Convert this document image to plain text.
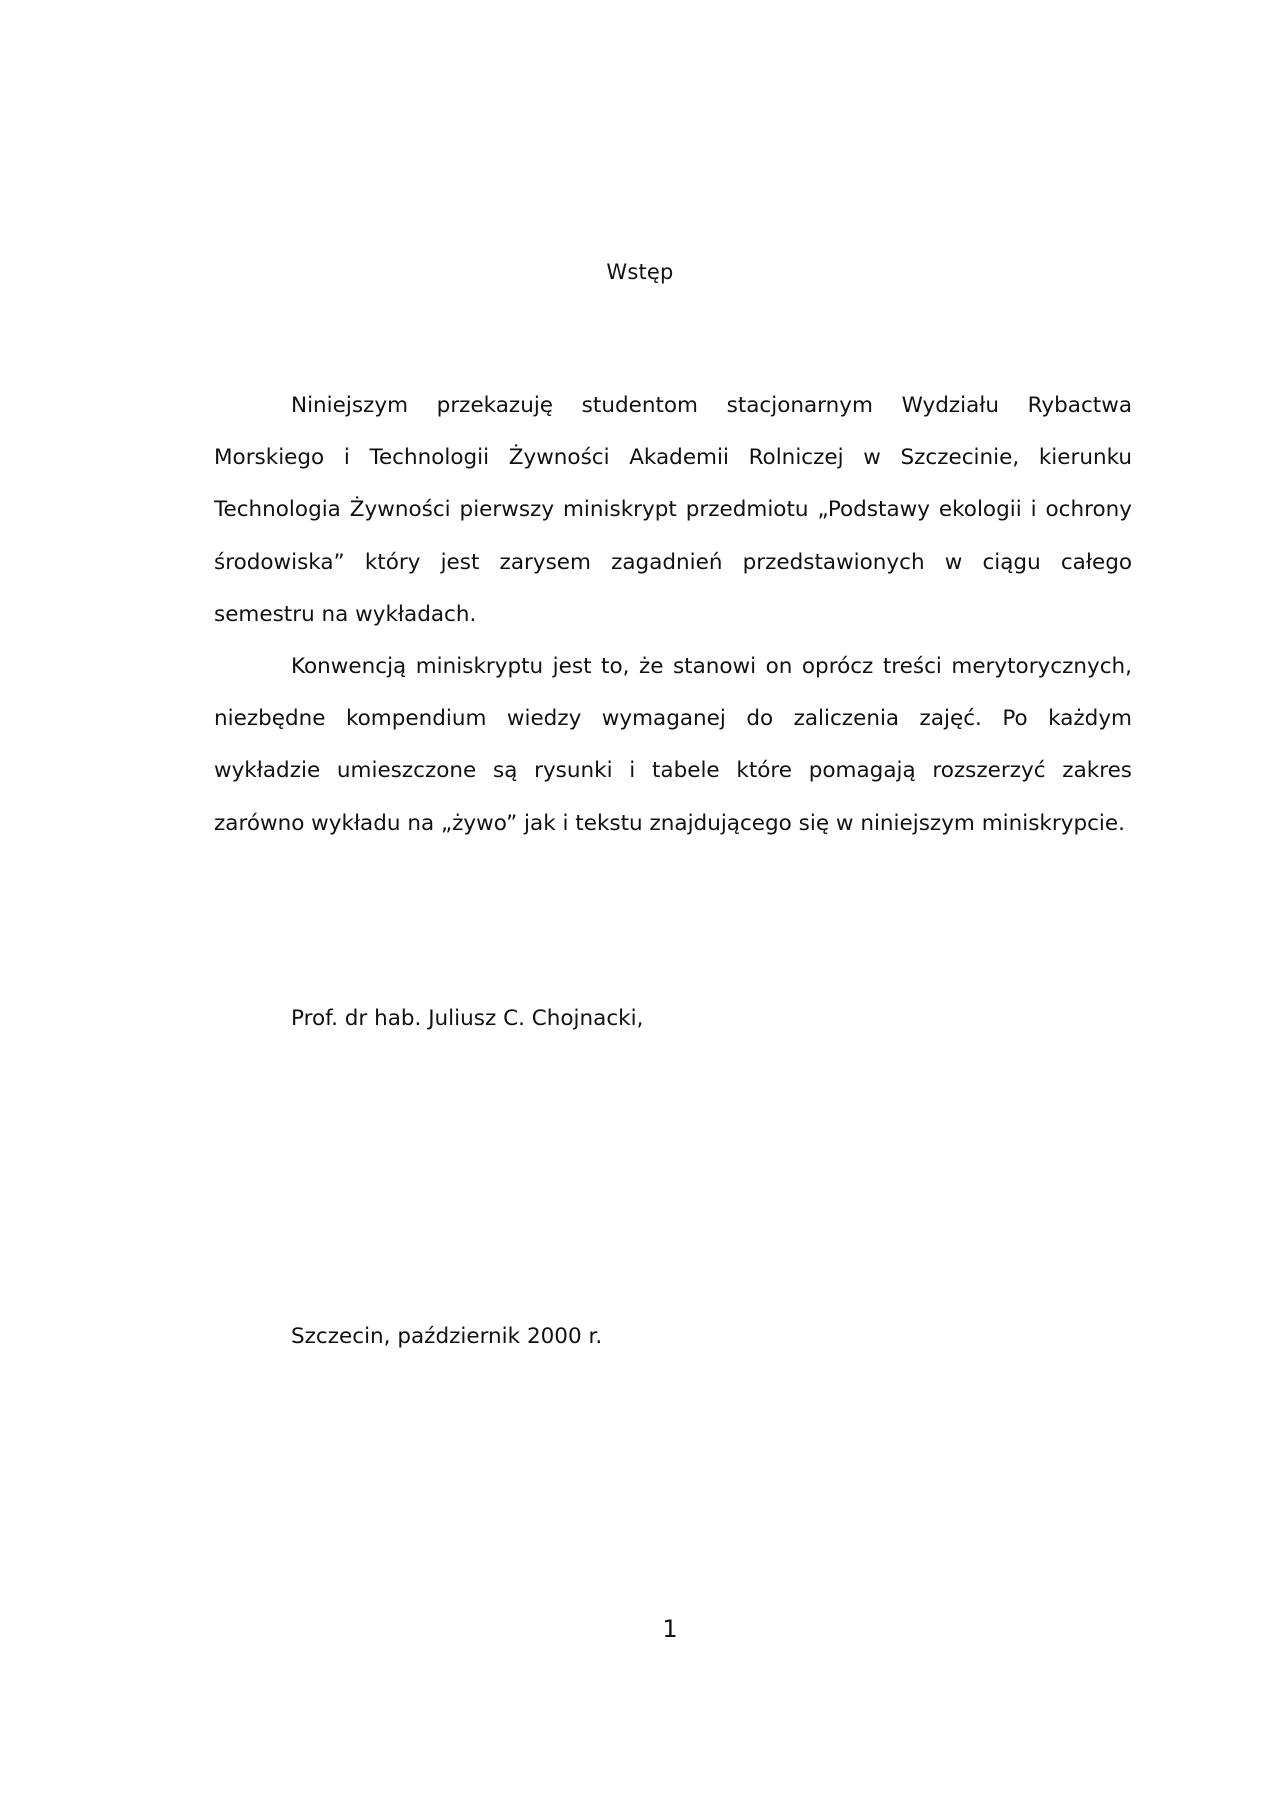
Wstęp

Niniejszym przekazuję studentom stacjonarnym Wydziału Rybactwa Morskiego i Technologii Żywności Akademii Rolniczej w Szczecinie, kierunku Technologia Żywności pierwszy miniskrypt przedmiotu „Podstawy ekologii i ochrony środowiska” który jest zarysem zagadnień przedstawionych w ciągu całego semestru na wykładach.

Konwencją miniskryptu jest to, że stanowi on oprócz treści merytorycznych, niezbędne kompendium wiedzy wymaganej do zaliczenia zajęć. Po każdym wykładzie umieszczone są rysunki i tabele które pomagają rozszerzyć zakres zarówno wykładu na „żywo” jak i tekstu znajdującego się w niniejszym miniskrypcie.

Prof. dr hab. Juliusz C. Chojnacki,
Szczecin, październik 2000 r.
1
